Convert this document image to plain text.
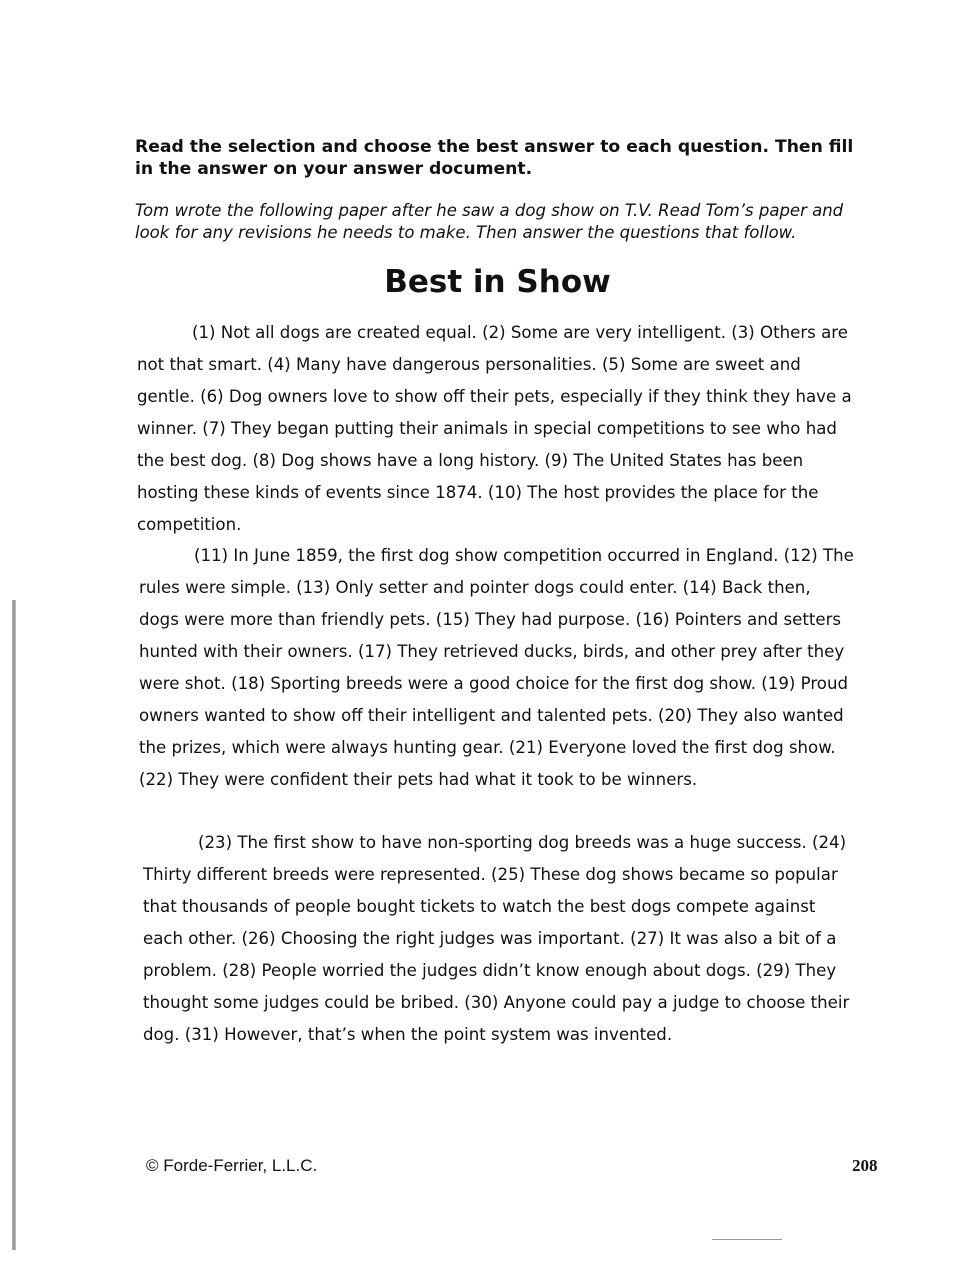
Read the selection and choose the best answer to each question. Then fill in the answer on your answer document.
Tom wrote the following paper after he saw a dog show on T.V. Read Tom’s paper and look for any revisions he needs to make. Then answer the questions that follow.
Best in Show

(1) Not all dogs are created equal. (2) Some are very intelligent. (3) Others are not that smart. (4) Many have dangerous personalities. (5) Some are sweet and gentle. (6) Dog owners love to show off their pets, especially if they think they have a winner. (7) They began putting their animals in special competitions to see who had the best dog. (8) Dog shows have a long history. (9) The United States has been hosting these kinds of events since 1874. (10) The host provides the place for the competition.

(11) In June 1859, the first dog show competition occurred in England. (12) The rules were simple. (13) Only setter and pointer dogs could enter. (14) Back then, dogs were more than friendly pets. (15) They had purpose. (16) Pointers and setters hunted with their owners. (17) They retrieved ducks, birds, and other prey after they were shot. (18) Sporting breeds were a good choice for the first dog show. (19) Proud owners wanted to show off their intelligent and talented pets. (20) They also wanted the prizes, which were always hunting gear. (21) Everyone loved the first dog show. (22) They were confident their pets had what it took to be winners.

(23) The first show to have non-sporting dog breeds was a huge success. (24) Thirty different breeds were represented. (25) These dog shows became so popular that thousands of people bought tickets to watch the best dogs compete against each other. (26) Choosing the right judges was important. (27) It was also a bit of a problem. (28) People worried the judges didn’t know enough about dogs. (29) They thought some judges could be bribed. (30) Anyone could pay a judge to choose their dog. (31) However, that’s when the point system was invented.

© Forde-Ferrier, L.L.C.	208
